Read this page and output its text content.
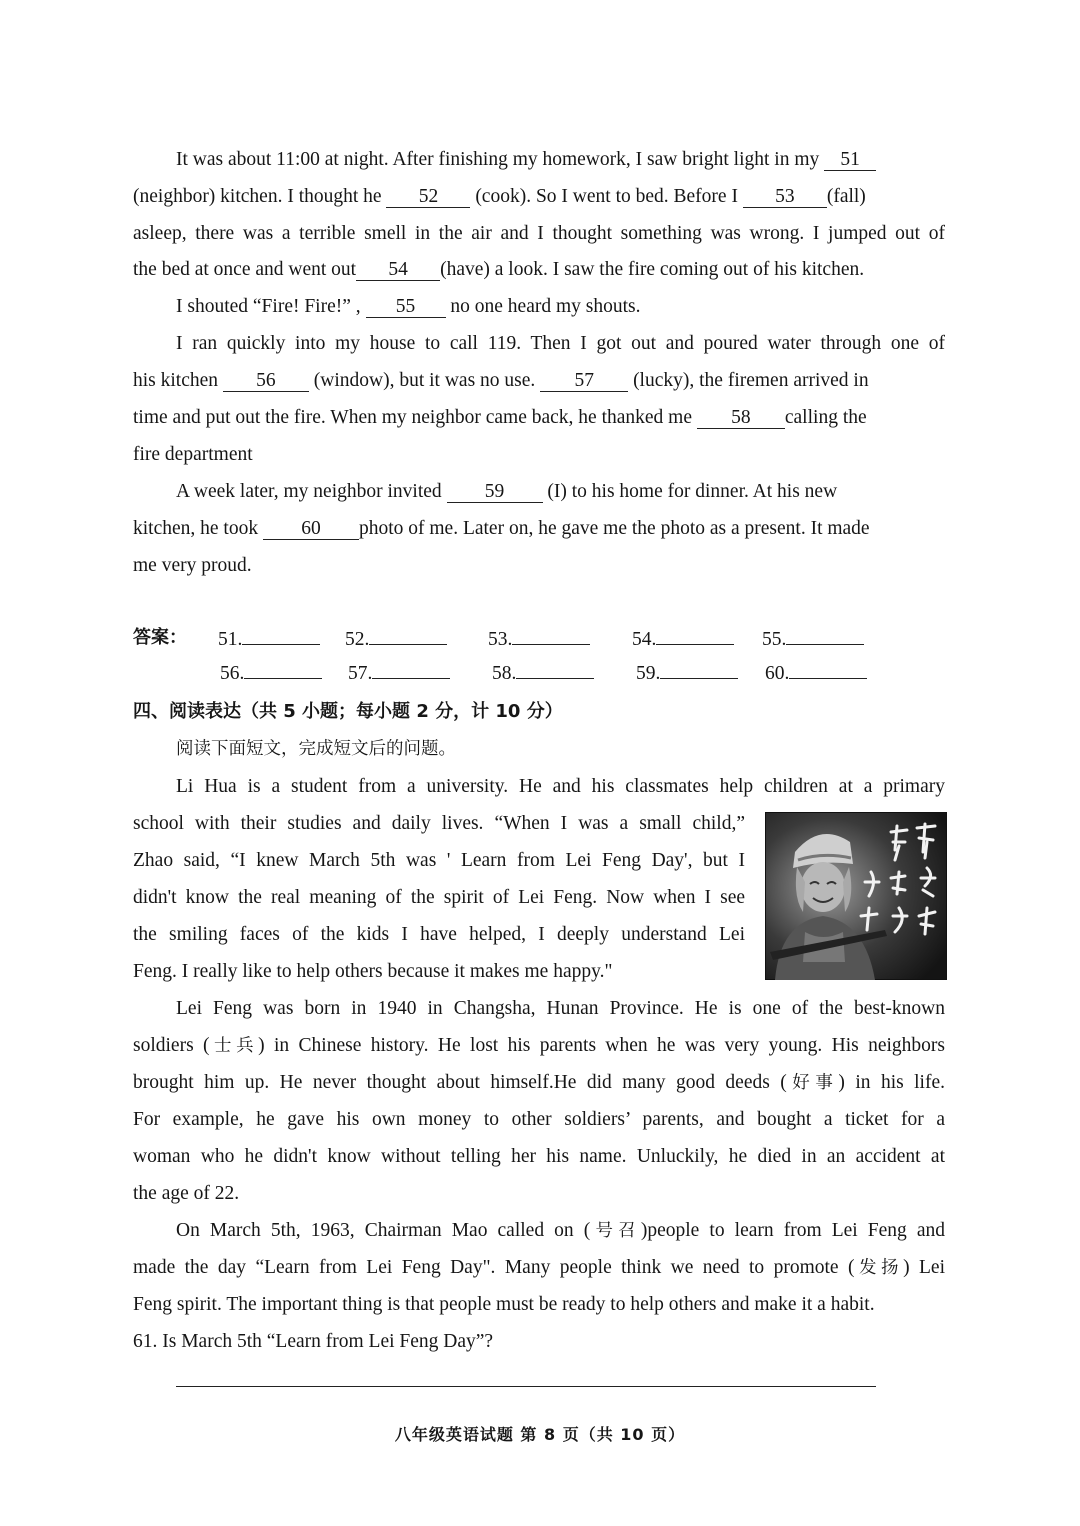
It was about 11:00 at night. After finishing my homework, I saw bright light in my 51
(neighbor) kitchen. I thought he 52 (cook). So I went to bed. Before I 53 (fall)
asleep, there was a terrible smell in the air and I thought something was wrong. I jumped out of
the bed at once and went out 54 (have) a look. I saw the fire coming out of his kitchen.
I shouted “Fire! Fire!” , 55 no one heard my shouts.
I ran quickly into my house to call 119. Then I got out and poured water through one of
his kitchen 56 (window), but it was no use. 57 (lucky), the firemen arrived in
time and put out the fire. When my neighbor came back, he thanked me 58 calling the
fire department
A week later, my neighbor invited 59 (I) to his home for dinner. At his new
kitchen, he took 60 photo of me. Later on, he gave me the photo as a present. It made
me very proud.
答案： 51.	52.	53.	54.	55.
56.	57.	58.	59.	60.
四、阅读表达（共 5 小题；每小题 2 分，计 10 分）
阅读下面短文，完成短文后的问题。
Li Hua is a student from a university. He and his classmates help children at a primary
school with their studies and daily lives. “When I was a small child,”
Zhao said, “I knew March 5th was ' Learn from Lei Feng Day', but I
didn't know the real meaning of the spirit of Lei Feng. Now when I see
the smiling faces of the kids I have helped, I deeply understand Lei
Feng. I really like to help others because it makes me happy."
Lei Feng was born in 1940 in Changsha, Hunan Province. He is one of the best-known
soldiers (士兵) in Chinese history. He lost his parents when he was very young. His neighbors
brought him up. He never thought about himself.He did many good deeds (好事) in his life.
For example, he gave his own money to other soldiers’ parents, and bought a ticket for a
woman who he didn't know without telling her his name. Unluckily, he died in an accident at
the age of 22.
On March 5th, 1963, Chairman Mao called on (号召)people to learn from Lei Feng and
made the day “Learn from Lei Feng Day". Many people think we need to promote (发扬) Lei
Feng spirit. The important thing is that people must be ready to help others and make it a habit.
61. Is March 5th “Learn from Lei Feng Day”?
八年级英语试题 第 8 页（共 10 页）
